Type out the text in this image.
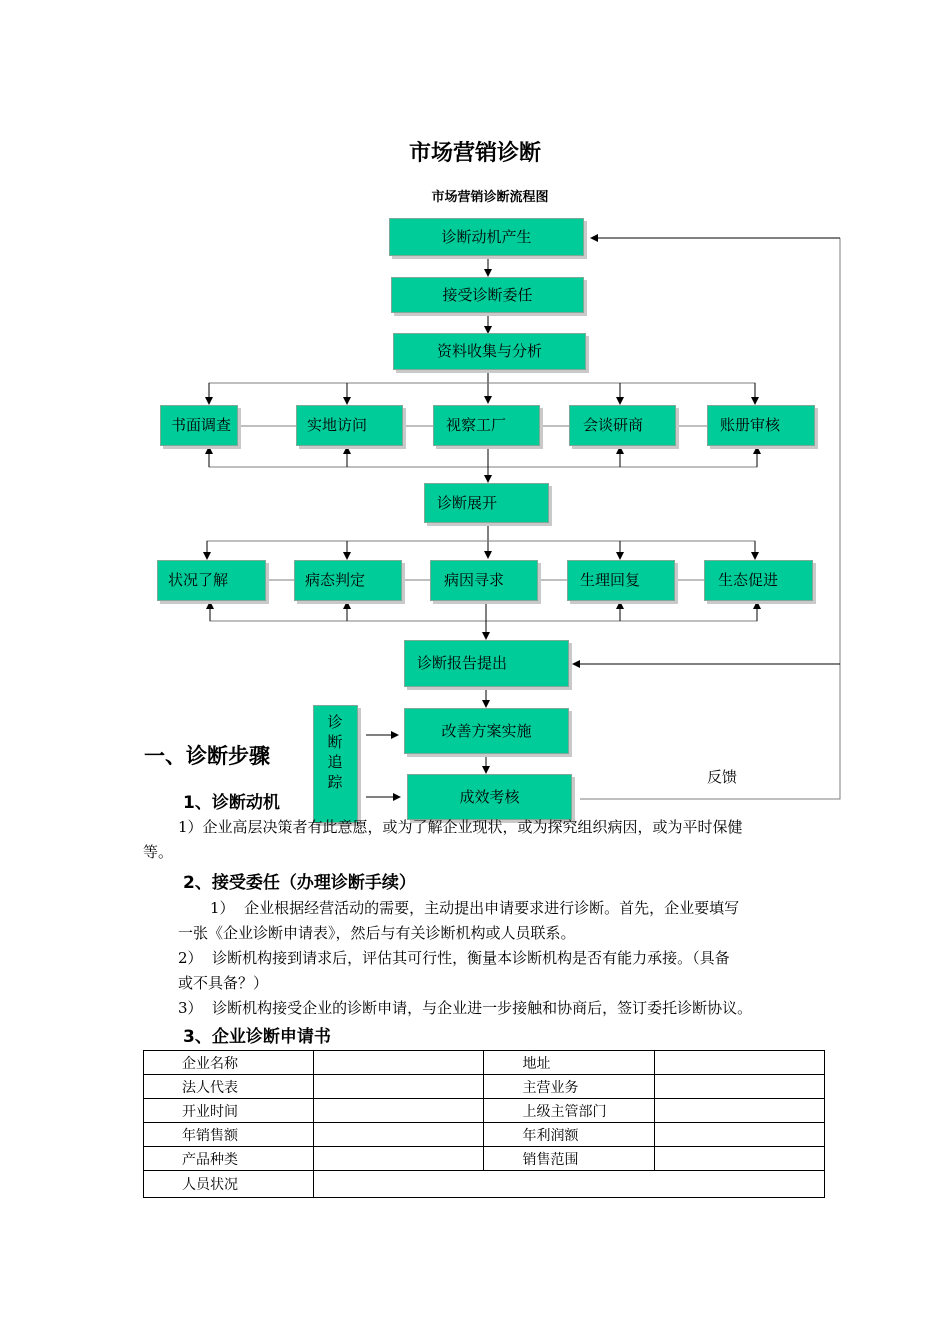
市场营销诊断
市场营销诊断流程图
诊断动机产生
接受诊断委任
资料收集与分析
书面调查	实地访问	视察工厂	会谈研商	账册审核
诊断展开
状况了解	病态判定	病因寻求	生理回复	生态促进
诊断报告提出
改善方案实施
成效考核
诊断追踪	反馈
一、诊断步骤
1、诊断动机
1）企业高层决策者有此意愿，或为了解企业现状，或为探究组织病因，或为平时保健
等。
2、接受委任（办理诊断手续）
1）  企业根据经营活动的需要，主动提出申请要求进行诊断。首先，企业要填写
一张《企业诊断申请表》，然后与有关诊断机构或人员联系。
2）  诊断机构接到请求后，评估其可行性，衡量本诊断机构是否有能力承接。（具备
或不具备？）
3）  诊断机构接受企业的诊断申请，与企业进一步接触和协商后，签订委托诊断协议。
3、企业诊断申请书
企业名称		地址	
法人代表		主营业务	
开业时间		上级主管部门	
年销售额		年利润额	
产品种类		销售范围	
人员状况			
